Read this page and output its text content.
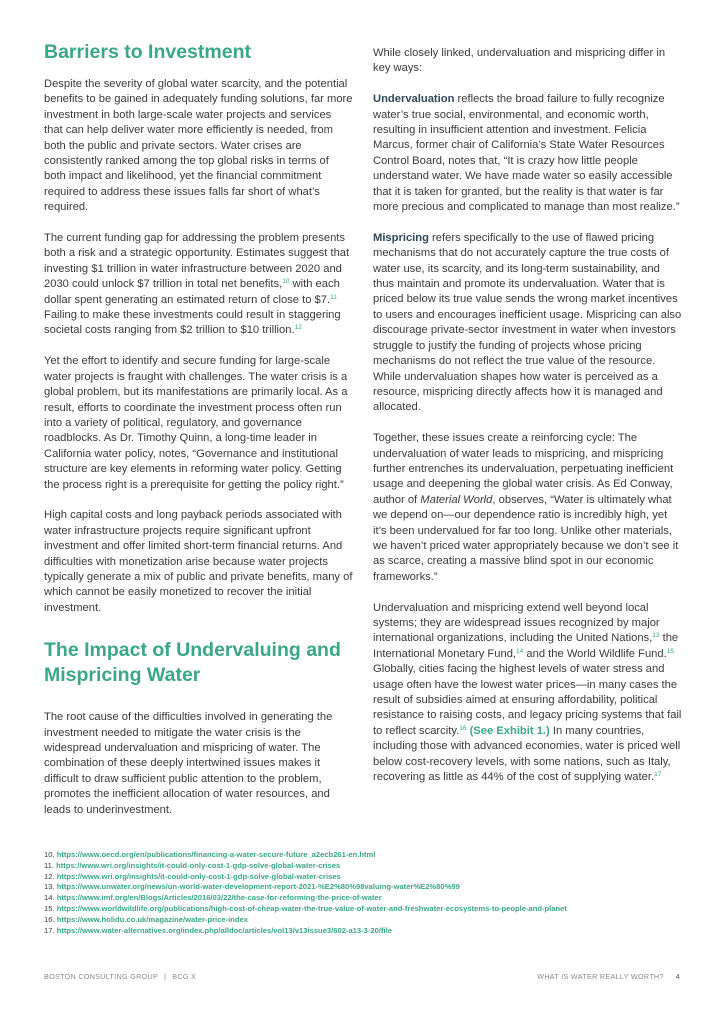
Barriers to Investment

Despite the severity of global water scarcity, and the potential benefits to be gained in adequately funding solutions, far more investment in both large-scale water projects and services that can help deliver water more efficiently is needed, from both the public and private sectors. Water crises are consistently ranked among the top global risks in terms of both impact and likelihood, yet the financial commitment required to address these issues falls far short of what’s required.

The current funding gap for addressing the problem presents both a risk and a strategic opportunity. Estimates suggest that investing $1 trillion in water infrastructure between 2020 and 2030 could unlock $7 trillion in total net benefits,$^{10}$ with each dollar spent generating an estimated return of close to $7.11 Failing to make these investments could result in staggering societal costs ranging from $2 trillion to $10 trillion.$^{12}$

Yet the effort to identify and secure funding for large-scale water projects is fraught with challenges. The water crisis is a global problem, but its manifestations are primarily local. As a result, efforts to coordinate the investment process often run into a variety of political, regulatory, and governance roadblocks. As Dr. Timothy Quinn, a long-time leader in California water policy, notes, “Governance and institutional structure are key elements in reforming water policy. Getting the process right is a prerequisite for getting the policy right.”

High capital costs and long payback periods associated with water infrastructure projects require significant upfront investment and offer limited short-term financial returns. And difficulties with monetization arise because water projects typically generate a mix of public and private benefits, many of which cannot be easily monetized to recover the initial investment.

The Impact of Undervaluing and Mispricing Water

The root cause of the difficulties involved in generating the investment needed to mitigate the water crisis is the widespread undervaluation and mispricing of water. The combination of these deeply intertwined issues makes it difficult to draw sufficient public attention to the problem, promotes the inefficient allocation of water resources, and leads to underinvestment.

While closely linked, undervaluation and mispricing differ in key ways:

Undervaluation reflects the broad failure to fully recognize water’s true social, environmental, and economic worth, resulting in insufficient attention and investment. Felicia Marcus, former chair of California’s State Water Resources Control Board, notes that, “It is crazy how little people understand water. We have made water so easily accessible that it is taken for granted, but the reality is that water is far more precious and complicated to manage than most realize.”

Mispricing refers specifically to the use of flawed pricing mechanisms that do not accurately capture the true costs of water use, its scarcity, and its long-term sustainability, and thus maintain and promote its undervaluation. Water that is priced below its true value sends the wrong market incentives to users and encourages inefficient usage. Mispricing can also discourage private-sector investment in water when investors struggle to justify the funding of projects whose pricing mechanisms do not reflect the true value of the resource. While undervaluation shapes how water is perceived as a resource, mispricing directly affects how it is managed and allocated.

Together, these issues create a reinforcing cycle: The undervaluation of water leads to mispricing, and mispricing further entrenches its undervaluation, perpetuating inefficient usage and deepening the global water crisis. As Ed Conway, author of Material World, observes, “Water is ultimately what we depend on—our dependence ratio is incredibly high, yet it’s been undervalued for far too long. Unlike other materials, we haven’t priced water appropriately because we don’t see it as scarce, creating a massive blind spot in our economic frameworks.”

Undervaluation and mispricing extend well beyond local systems; they are widespread issues recognized by major international organizations, including the United Nations,$^{13}$ the International Monetary Fund,$^{14}$ and the World Wildlife Fund.$^{15}$ Globally, cities facing the highest levels of water stress and usage often have the lowest water prices—in many cases the result of subsidies aimed at ensuring affordability, political resistance to raising costs, and legacy pricing systems that fail to reflect scarcity.$^{16}$ (See Exhibit 1.) In many countries, including those with advanced economies, water is priced well below cost-recovery levels, with some nations, such as Italy, recovering as little as 44% of the cost of supplying water.$^{17}$

10. https://www.oecd.org/en/publications/financing-a-water-secure-future_a2ecb261-en.html
11. https://www.wri.org/insights/it-could-only-cost-1-gdp-solve-global-water-crises
12. https://www.wri.org/insights/it-could-only-cost-1-gdp-solve-global-water-crises
13. https://www.unwater.org/news/un-world-water-development-report-2021-%E2%80%98valuing-water%E2%80%99
14. https://www.imf.org/en/Blogs/Articles/2016/03/22/the-case-for-reforming-the-price-of-water
15. https://www.worldwildlife.org/publications/high-cost-of-cheap-water-the-true-value-of-water-and-freshwater-ecosystems-to-people-and-planet
16. https://www.holidu.co.uk/magazine/water-price-index
17. https://www.water-alternatives.org/index.php/alldoc/articles/vol13/v13issue3/602-a13-3-20/file
BOSTON CONSULTING GROUP | BCG X	WHAT IS WATER REALLY WORTH? 4
